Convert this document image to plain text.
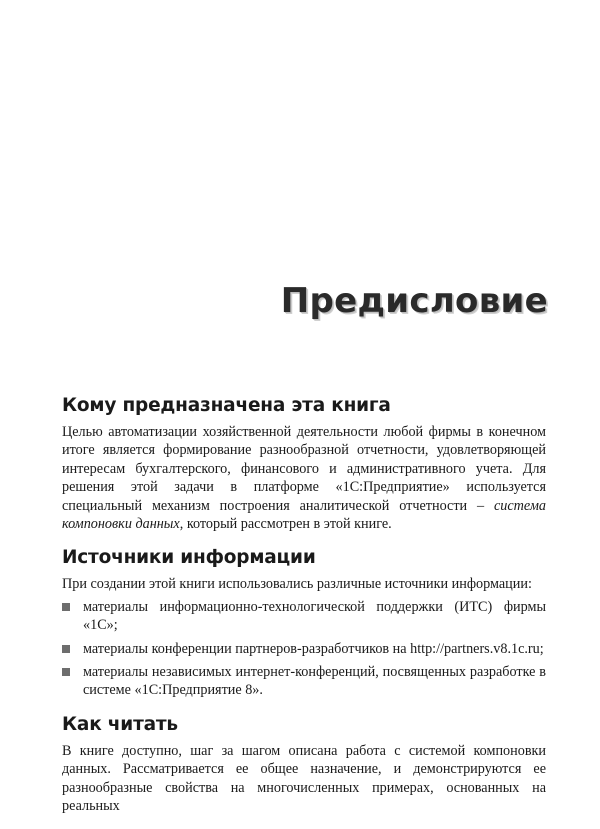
Предисловие
Кому предназначена эта книга

Целью автоматизации хозяйственной деятельности любой фирмы в конечном итоге является формирование разнообразной отчетности, удовлетворяющей интересам бухгалтерского, финансового и административного учета. Для решения этой задачи в платформе «1С:Предприятие» используется специальный механизм построения аналитической отчетности – система компоновки данных, который рассмотрен в этой книге.

Источники информации

При создании этой книги использовались различные источники информации:

материалы информационно-технологической поддержки (ИТС) фирмы «1С»;
материалы конференции партнеров-разработчиков на http://partners.v8.1c.ru;
материалы независимых интернет-конференций, посвященных разработке в системе «1С:Предприятие 8».
Как читать

В книге доступно, шаг за шагом описана работа с системой компоновки данных. Рассматривается ее общее назначение, и демонстрируются ее разнообразные свойства на многочисленных примерах, основанных на реальных
